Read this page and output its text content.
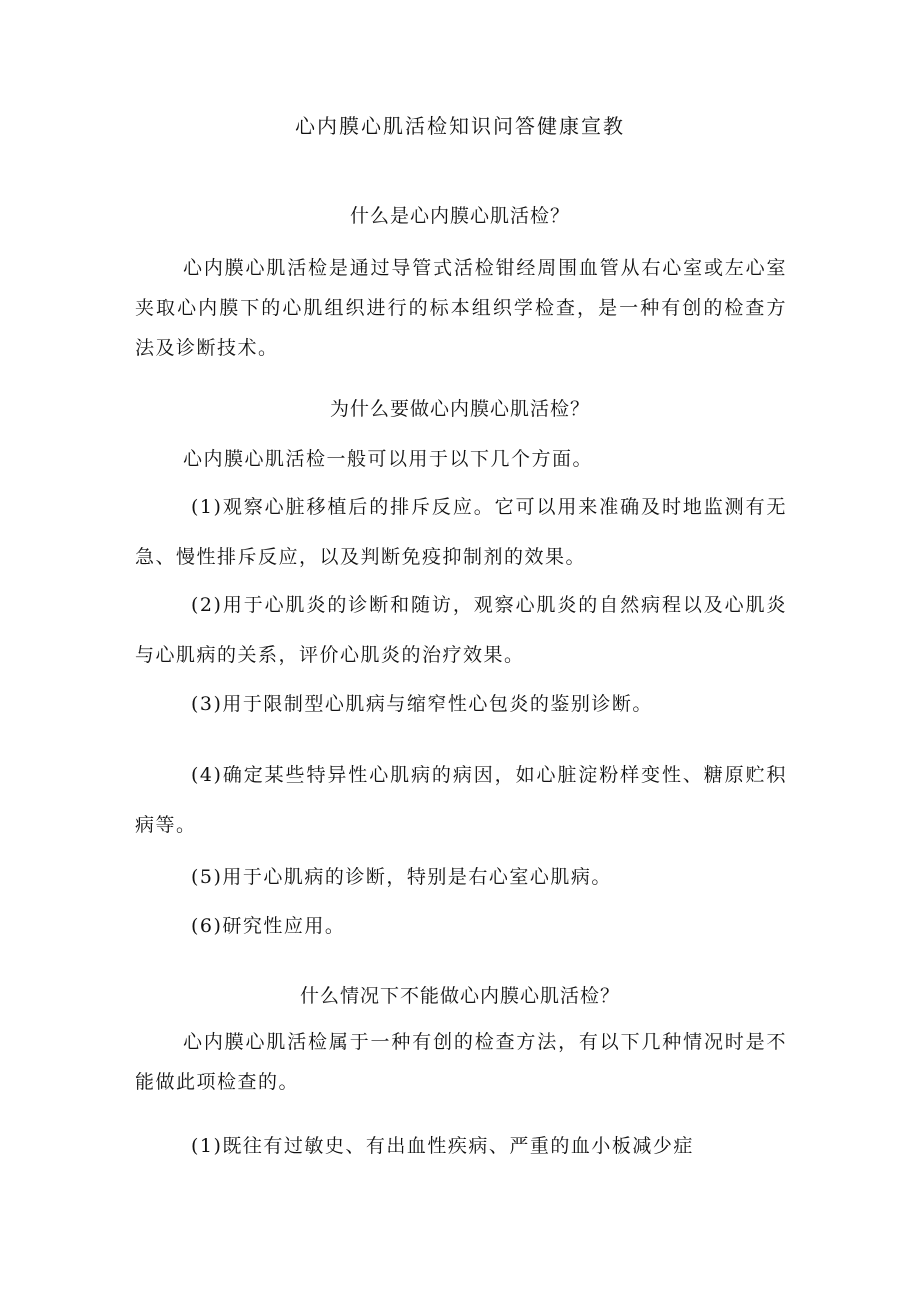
心内膜心肌活检知识问答健康宣教
什么是心内膜心肌活检？
心内膜心肌活检是通过导管式活检钳经周围血管从右心室或左心室夹取心内膜下的心肌组织进行的标本组织学检查，是一种有创的检查方法及诊断技术。
为什么要做心内膜心肌活检？
心内膜心肌活检一般可以用于以下几个方面。
(1)观察心脏移植后的排斥反应。它可以用来准确及时地监测有无急、慢性排斥反应，以及判断免疫抑制剂的效果。
(2)用于心肌炎的诊断和随访，观察心肌炎的自然病程以及心肌炎与心肌病的关系，评价心肌炎的治疗效果。
(3)用于限制型心肌病与缩窄性心包炎的鉴别诊断。
(4)确定某些特异性心肌病的病因，如心脏淀粉样变性、糖原贮积病等。
(5)用于心肌病的诊断，特别是右心室心肌病。
(6)研究性应用。
什么情况下不能做心内膜心肌活检？
心内膜心肌活检属于一种有创的检查方法，有以下几种情况时是不能做此项检查的。
(1)既往有过敏史、有出血性疾病、严重的血小板减少症
